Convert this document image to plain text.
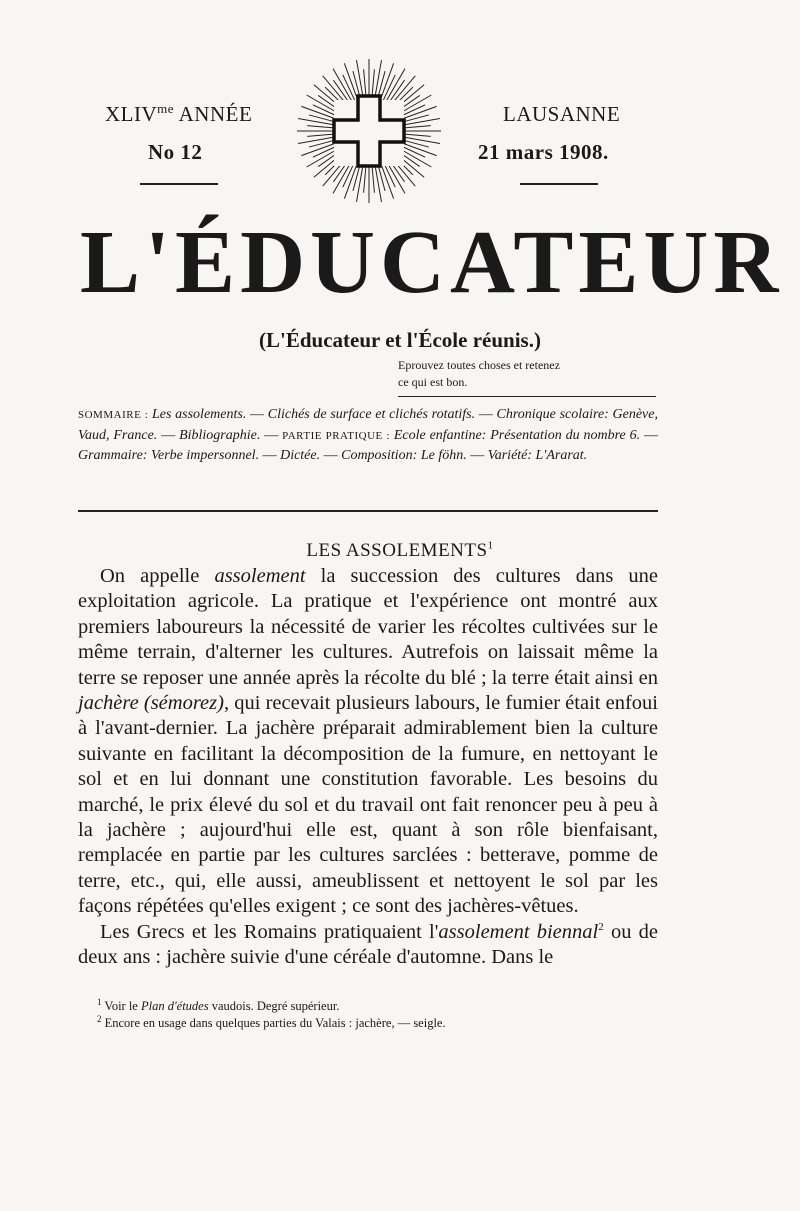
$XLIV^{me}$ ANNÉE
No 12
LAUSANNE
21 mars 1908.
L'ÉDUCATEUR
(L'Éducateur et l'École réunis.)
Eprouvez toutes choses et retenez
ce qui est bon.
SOMMAIRE : Les assolements. — Clichés de surface et clichés rotatifs. — Chronique scolaire: Genève, Vaud, France. — Bibliographie. — PARTIE PRATIQUE : Ecole enfantine: Présentation du nombre 6. — Grammaire: Verbe impersonnel. — Dictée. — Composition: Le föhn. — Variété: L'Ararat.
LES ASSOLEMENTS$^1$

On appelle assolement la succession des cultures dans une exploitation agricole. La pratique et l'expérience ont montré aux premiers laboureurs la nécessité de varier les récoltes cultivées sur le même terrain, d'alterner les cultures. Autrefois on laissait même la terre se reposer une année après la récolte du blé ; la terre était ainsi en jachère (sémorez), qui recevait plusieurs labours, le fumier était enfoui à l'avant-dernier. La jachère préparait admirablement bien la culture suivante en facilitant la décomposition de la fumure, en nettoyant le sol et en lui donnant une constitution favorable. Les besoins du marché, le prix élevé du sol et du travail ont fait renoncer peu à peu à la jachère ; aujourd'hui elle est, quant à son rôle bienfaisant, remplacée en partie par les cultures sarclées : betterave, pomme de terre, etc., qui, elle aussi, ameublissent et nettoyent le sol par les façons répétées qu'elles exigent ; ce sont des jachères-vêtues.

Les Grecs et les Romains pratiquaient l'assolement biennal$^2$ ou de deux ans : jachère suivie d'une céréale d'automne. Dans le

$^1$ Voir le Plan d'études vaudois. Degré supérieur.
$^2$ Encore en usage dans quelques parties du Valais : jachère, — seigle.
